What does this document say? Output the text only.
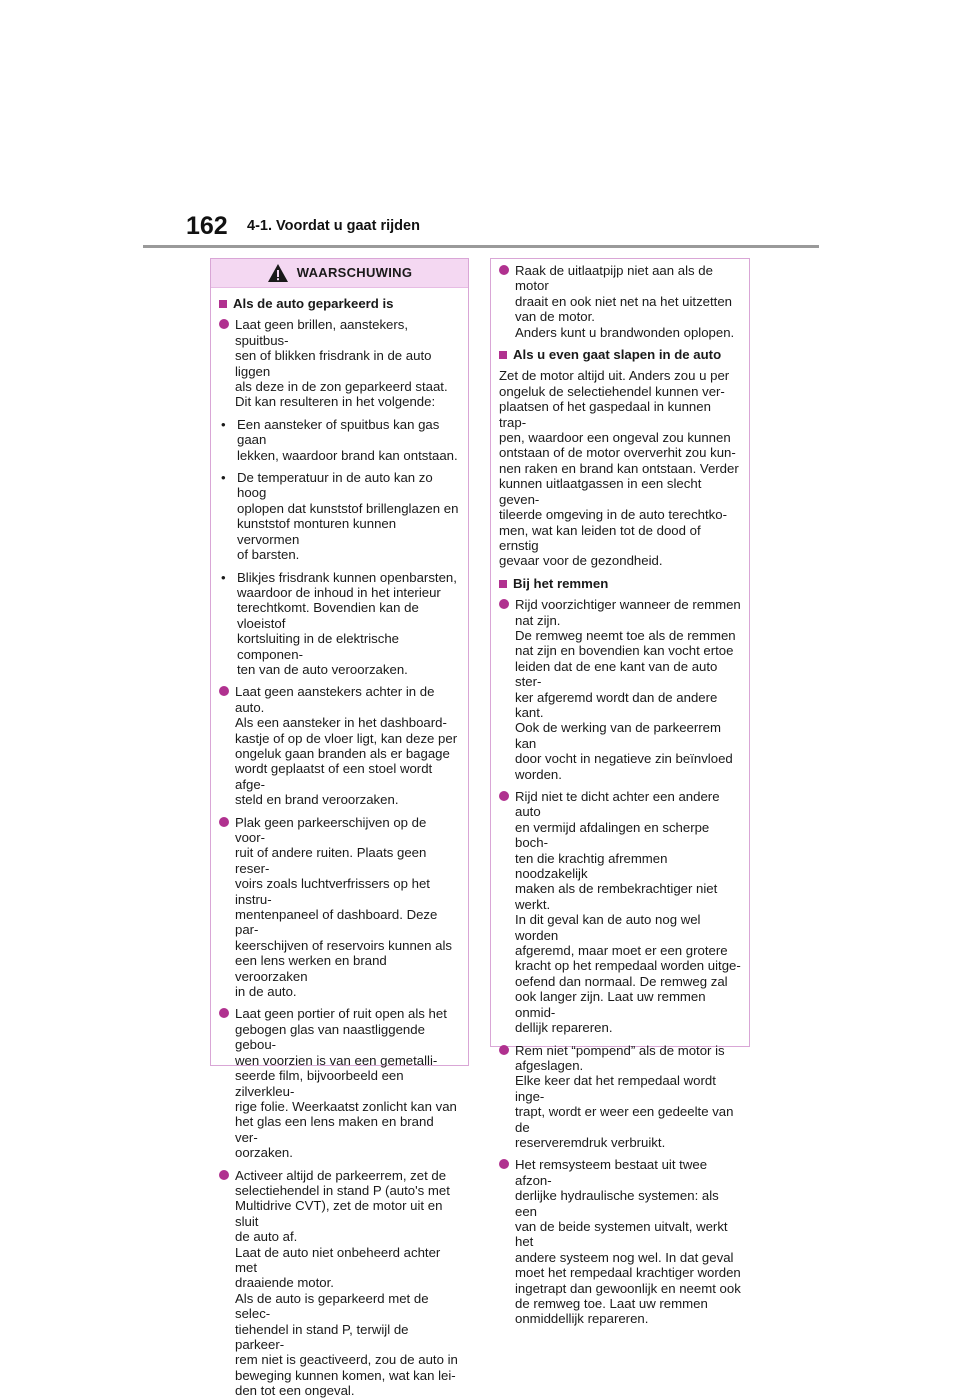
162 4-1. Voordat u gaat rijden
WAARSCHUWING
Als de auto geparkeerd is
Laat geen brillen, aanstekers, spuitbus-
sen of blikken frisdrank in de auto liggen
als deze in de zon geparkeerd staat.
Dit kan resulteren in het volgende:
• Een aansteker of spuitbus kan gas gaan
lekken, waardoor brand kan ontstaan.
• De temperatuur in de auto kan zo hoog
oplopen dat kunststof brillenglazen en
kunststof monturen kunnen vervormen
of barsten.
• Blikjes frisdrank kunnen openbarsten,
waardoor de inhoud in het interieur
terechtkomt. Bovendien kan de vloeistof
kortsluiting in de elektrische componen-
ten van de auto veroorzaken.
Laat geen aanstekers achter in de auto.
Als een aansteker in het dashboard-
kastje of op de vloer ligt, kan deze per
ongeluk gaan branden als er bagage
wordt geplaatst of een stoel wordt afge-
steld en brand veroorzaken.
Plak geen parkeerschijven op de voor-
ruit of andere ruiten. Plaats geen reser-
voirs zoals luchtverfrissers op het instru-
mentenpaneel of dashboard. Deze par-
keerschijven of reservoirs kunnen als
een lens werken en brand veroorzaken
in de auto.
Laat geen portier of ruit open als het
gebogen glas van naastliggende gebou-
wen voorzien is van een gemetalli-
seerde film, bijvoorbeeld een zilverkleu-
rige folie. Weerkaatst zonlicht kan van
het glas een lens maken en brand ver-
oorzaken.
Activeer altijd de parkeerrem, zet de
selectiehendel in stand P (auto's met
Multidrive CVT), zet de motor uit en sluit
de auto af.
Laat de auto niet onbeheerd achter met
draaiende motor.
Als de auto is geparkeerd met de selec-
tiehendel in stand P, terwijl de parkeer-
rem niet is geactiveerd, zou de auto in
beweging kunnen komen, wat kan lei-
den tot een ongeval.
Raak de uitlaatpijp niet aan als de motor
draait en ook niet net na het uitzetten
van de motor.
Anders kunt u brandwonden oplopen.
Als u even gaat slapen in de auto
Zet de motor altijd uit. Anders zou u per
ongeluk de selectiehendel kunnen ver-
plaatsen of het gaspedaal in kunnen trap-
pen, waardoor een ongeval zou kunnen
ontstaan of de motor oververhit zou kun-
nen raken en brand kan ontstaan. Verder
kunnen uitlaatgassen in een slecht geven-
tileerde omgeving in de auto terechtko-
men, wat kan leiden tot de dood of ernstig
gevaar voor de gezondheid.
Bij het remmen
Rijd voorzichtiger wanneer de remmen
nat zijn.
De remweg neemt toe als de remmen
nat zijn en bovendien kan vocht ertoe
leiden dat de ene kant van de auto ster-
ker afgeremd wordt dan de andere kant.
Ook de werking van de parkeerrem kan
door vocht in negatieve zin beïnvloed
worden.
Rijd niet te dicht achter een andere auto
en vermijd afdalingen en scherpe boch-
ten die krachtig afremmen noodzakelijk
maken als de rembekrachtiger niet
werkt.
In dit geval kan de auto nog wel worden
afgeremd, maar moet er een grotere
kracht op het rempedaal worden uitge-
oefend dan normaal. De remweg zal
ook langer zijn. Laat uw remmen onmid-
dellijk repareren.
Rem niet “pompend” als de motor is
afgeslagen.
Elke keer dat het rempedaal wordt inge-
trapt, wordt er weer een gedeelte van de
reserveremdruk verbruikt.
Het remsysteem bestaat uit twee afzon-
derlijke hydraulische systemen: als een
van de beide systemen uitvalt, werkt het
andere systeem nog wel. In dat geval
moet het rempedaal krachtiger worden
ingetrapt dan gewoonlijk en neemt ook
de remweg toe. Laat uw remmen
onmiddellijk repareren.
